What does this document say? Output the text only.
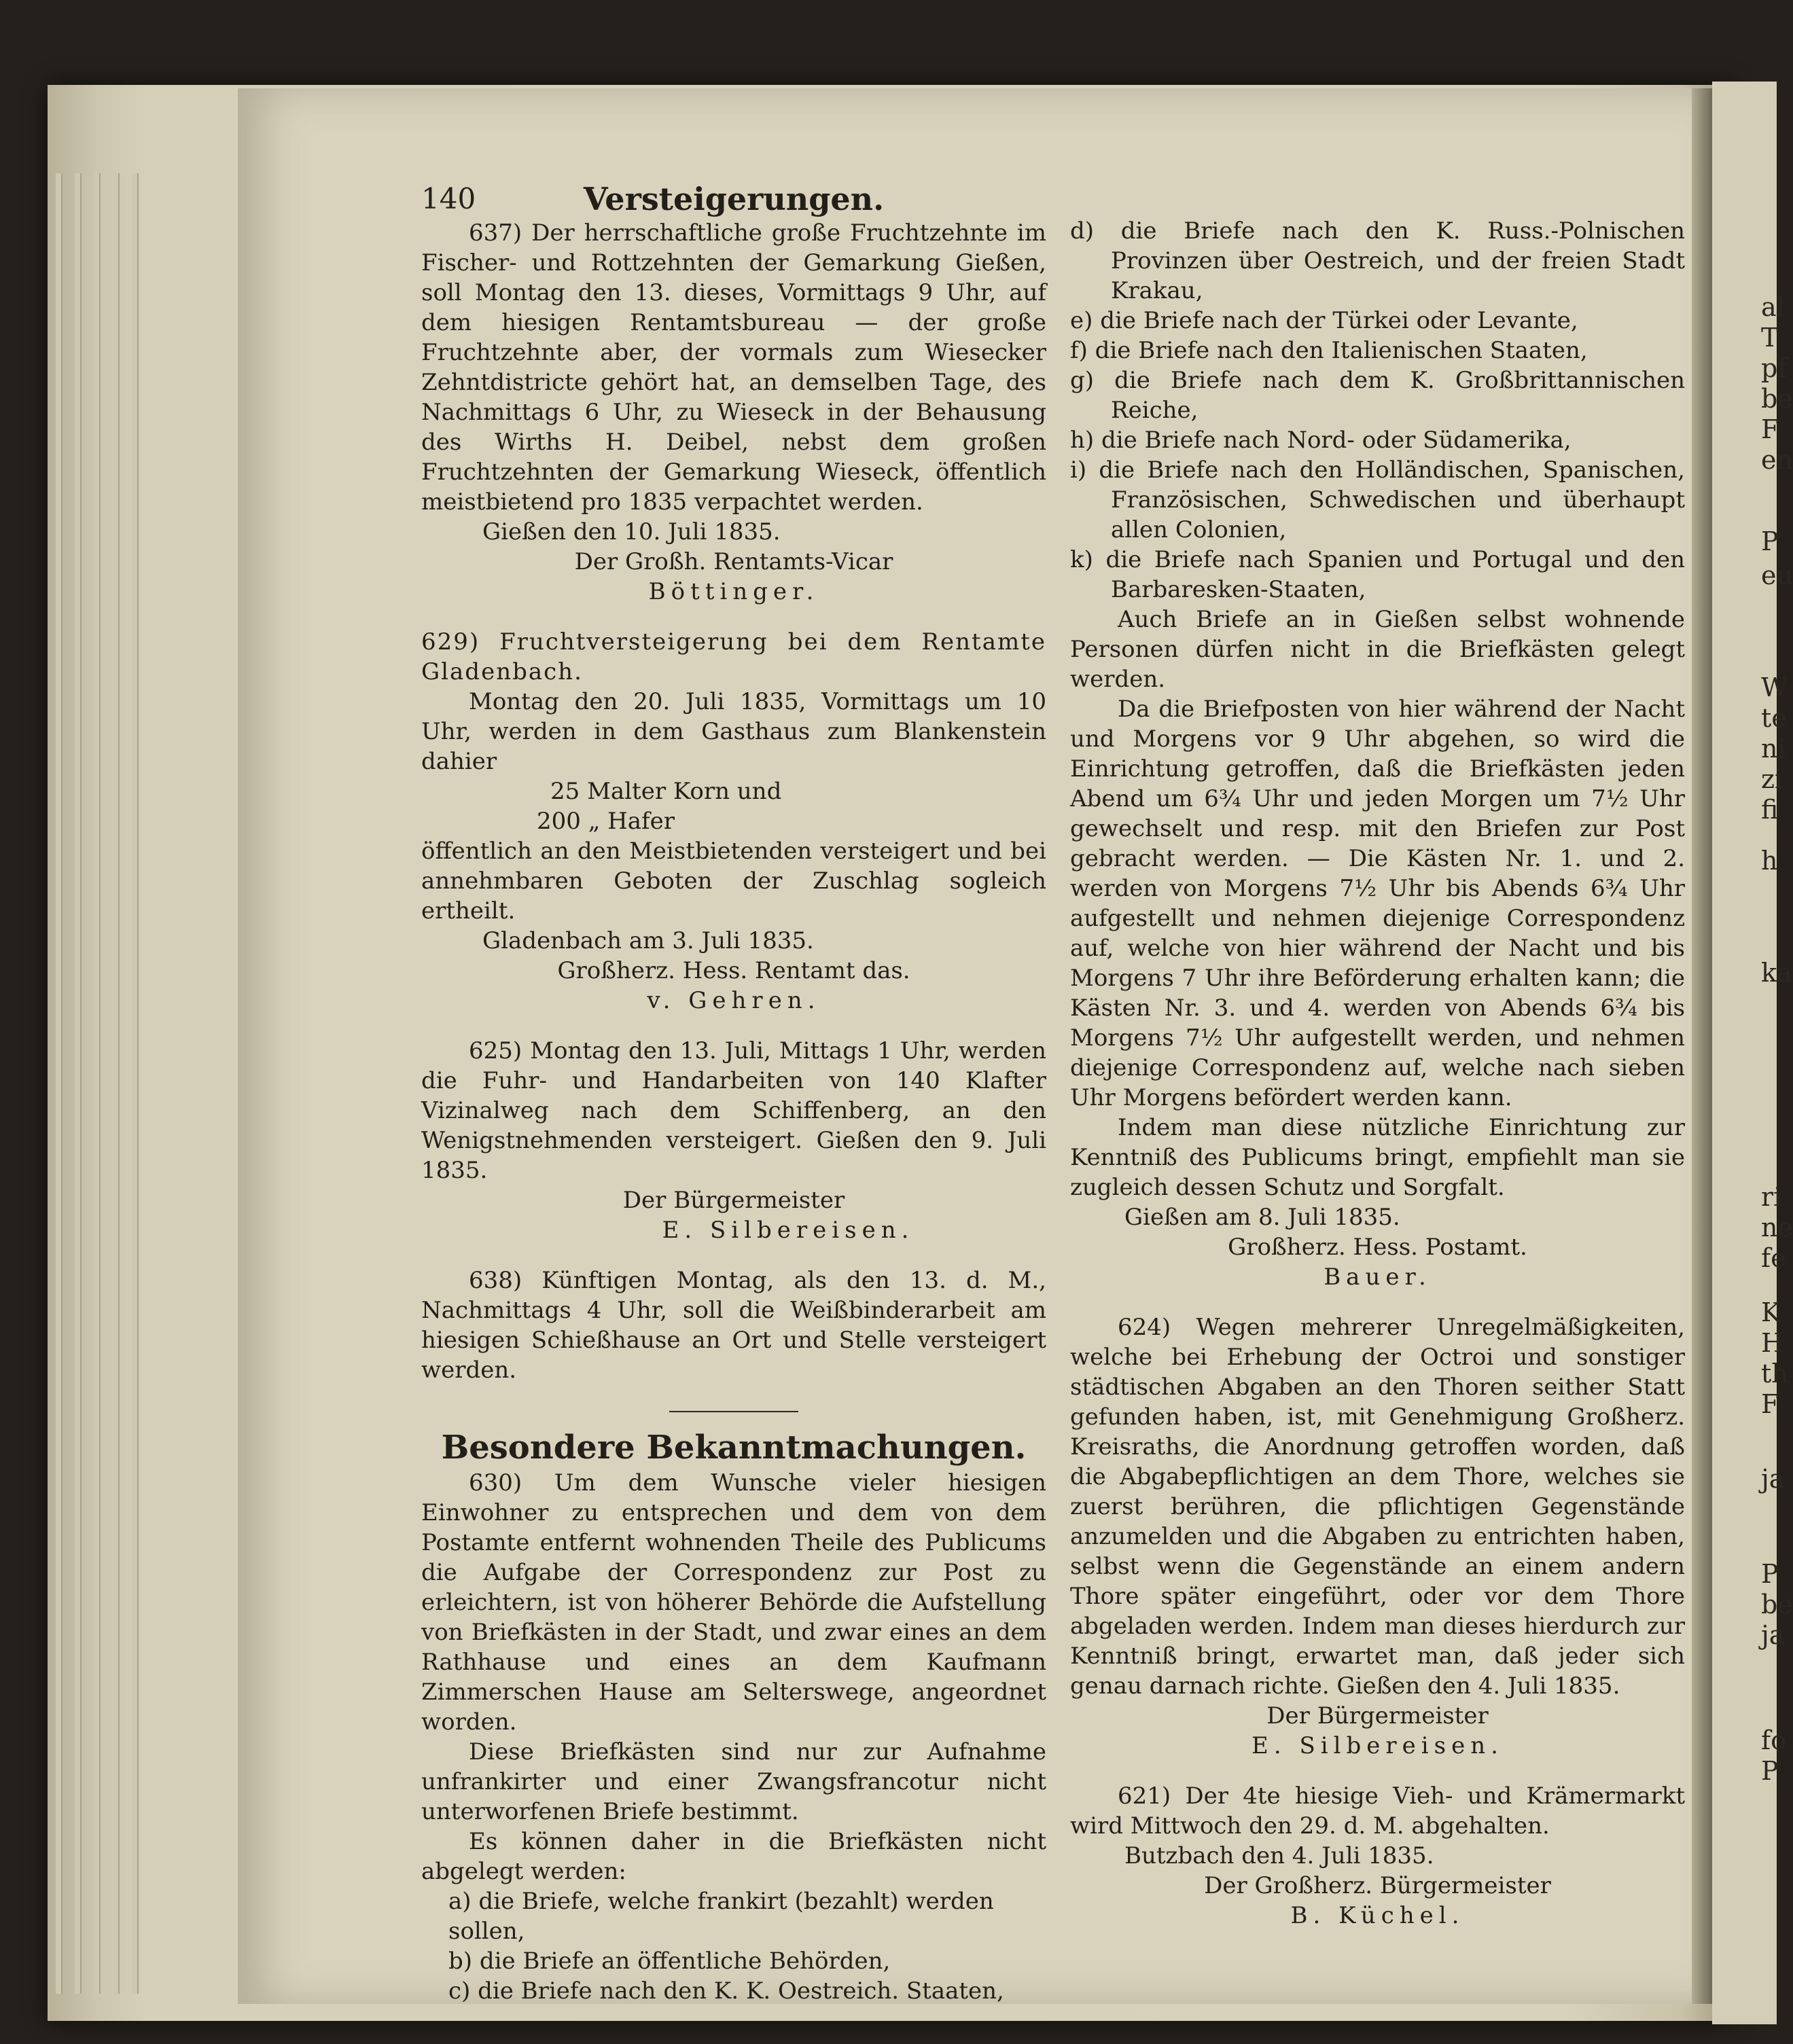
al
T
pf
be
F
en
P
eu
W
te
ni
zi
fi
h
ka
ri
ne
fe
K
H
th
F
ja
P
be
ja
fo
P
140	Versteigerungen.

637) Der herrschaftliche große Fruchtzehnte im Fischer- und Rottzehnten der Gemarkung Gießen, soll Montag den 13. dieses, Vormittags 9 Uhr, auf dem hiesigen Rentamtsbureau — der große Fruchtzehnte aber, der vormals zum Wiesecker Zehntdistricte gehört hat, an demselben Tage, des Nachmittags 6 Uhr, zu Wieseck in der Behausung des Wirths H. Deibel, nebst dem großen Fruchtzehnten der Gemarkung Wieseck, öffentlich meistbietend pro 1835 verpachtet werden.

Gießen den 10. Juli 1835.

Der Großh. Rentamts-Vicar

Böttinger.

629) Fruchtversteigerung bei dem Rentamte Gladenbach.

Montag den 20. Juli 1835, Vormittags um 10 Uhr, werden in dem Gasthaus zum Blankenstein dahier

25 Malter Korn und

200 „ Hafer

öffentlich an den Meistbietenden versteigert und bei annehmbaren Geboten der Zuschlag sogleich ertheilt.

Gladenbach am 3. Juli 1835.

Großherz. Hess. Rentamt das.

v. Gehren.

625) Montag den 13. Juli, Mittags 1 Uhr, werden die Fuhr- und Handarbeiten von 140 Klafter Vizinalweg nach dem Schiffenberg, an den Wenigstnehmenden versteigert. Gießen den 9. Juli 1835.

Der Bürgermeister

E. Silbereisen.

638) Künftigen Montag, als den 13. d. M., Nachmittags 4 Uhr, soll die Weißbinderarbeit am hiesigen Schießhause an Ort und Stelle versteigert werden.

Besondere Bekanntmachungen.

630) Um dem Wunsche vieler hiesigen Einwohner zu entsprechen und dem von dem Postamte entfernt wohnenden Theile des Publicums die Aufgabe der Correspondenz zur Post zu erleichtern, ist von höherer Behörde die Aufstellung von Briefkästen in der Stadt, und zwar eines an dem Rathhause und eines an dem Kaufmann Zimmerschen Hause am Selterswege, angeordnet worden.

Diese Briefkästen sind nur zur Aufnahme unfrankirter und einer Zwangsfrancotur nicht unterworfenen Briefe bestimmt.

Es können daher in die Briefkästen nicht abgelegt werden:

a) die Briefe, welche frankirt (bezahlt) werden sollen,

b) die Briefe an öffentliche Behörden,

c) die Briefe nach den K. K. Oestreich. Staaten,

d) die Briefe nach den K. Russ.-Polnischen Provinzen über Oestreich, und der freien Stadt Krakau,

e) die Briefe nach der Türkei oder Levante,

f) die Briefe nach den Italienischen Staaten,

g) die Briefe nach dem K. Großbrittannischen Reiche,

h) die Briefe nach Nord- oder Südamerika,

i) die Briefe nach den Holländischen, Spanischen, Französischen, Schwedischen und überhaupt allen Colonien,

k) die Briefe nach Spanien und Portugal und den Barbaresken-Staaten,

Auch Briefe an in Gießen selbst wohnende Personen dürfen nicht in die Briefkästen gelegt werden.

Da die Briefposten von hier während der Nacht und Morgens vor 9 Uhr abgehen, so wird die Einrichtung getroffen, daß die Briefkästen jeden Abend um 6¾ Uhr und jeden Morgen um 7½ Uhr gewechselt und resp. mit den Briefen zur Post gebracht werden. — Die Kästen Nr. 1. und 2. werden von Morgens 7½ Uhr bis Abends 6¾ Uhr aufgestellt und nehmen diejenige Correspondenz auf, welche von hier während der Nacht und bis Morgens 7 Uhr ihre Beförderung erhalten kann; die Kästen Nr. 3. und 4. werden von Abends 6¾ bis Morgens 7½ Uhr aufgestellt werden, und nehmen diejenige Correspondenz auf, welche nach sieben Uhr Morgens befördert werden kann.

Indem man diese nützliche Einrichtung zur Kenntniß des Publicums bringt, empfiehlt man sie zugleich dessen Schutz und Sorgfalt.

Gießen am 8. Juli 1835.

Großherz. Hess. Postamt.

Bauer.

624) Wegen mehrerer Unregelmäßigkeiten, welche bei Erhebung der Octroi und sonstiger städtischen Abgaben an den Thoren seither Statt gefunden haben, ist, mit Genehmigung Großherz. Kreisraths, die Anordnung getroffen worden, daß die Abgabepflichtigen an dem Thore, welches sie zuerst berühren, die pflichtigen Gegenstände anzumelden und die Abgaben zu entrichten haben, selbst wenn die Gegenstände an einem andern Thore später eingeführt, oder vor dem Thore abgeladen werden. Indem man dieses hierdurch zur Kenntniß bringt, erwartet man, daß jeder sich genau darnach richte. Gießen den 4. Juli 1835.

Der Bürgermeister

E. Silbereisen.

621) Der 4te hiesige Vieh- und Krämermarkt wird Mittwoch den 29. d. M. abgehalten.

Butzbach den 4. Juli 1835.

Der Großherz. Bürgermeister

B. Küchel.
